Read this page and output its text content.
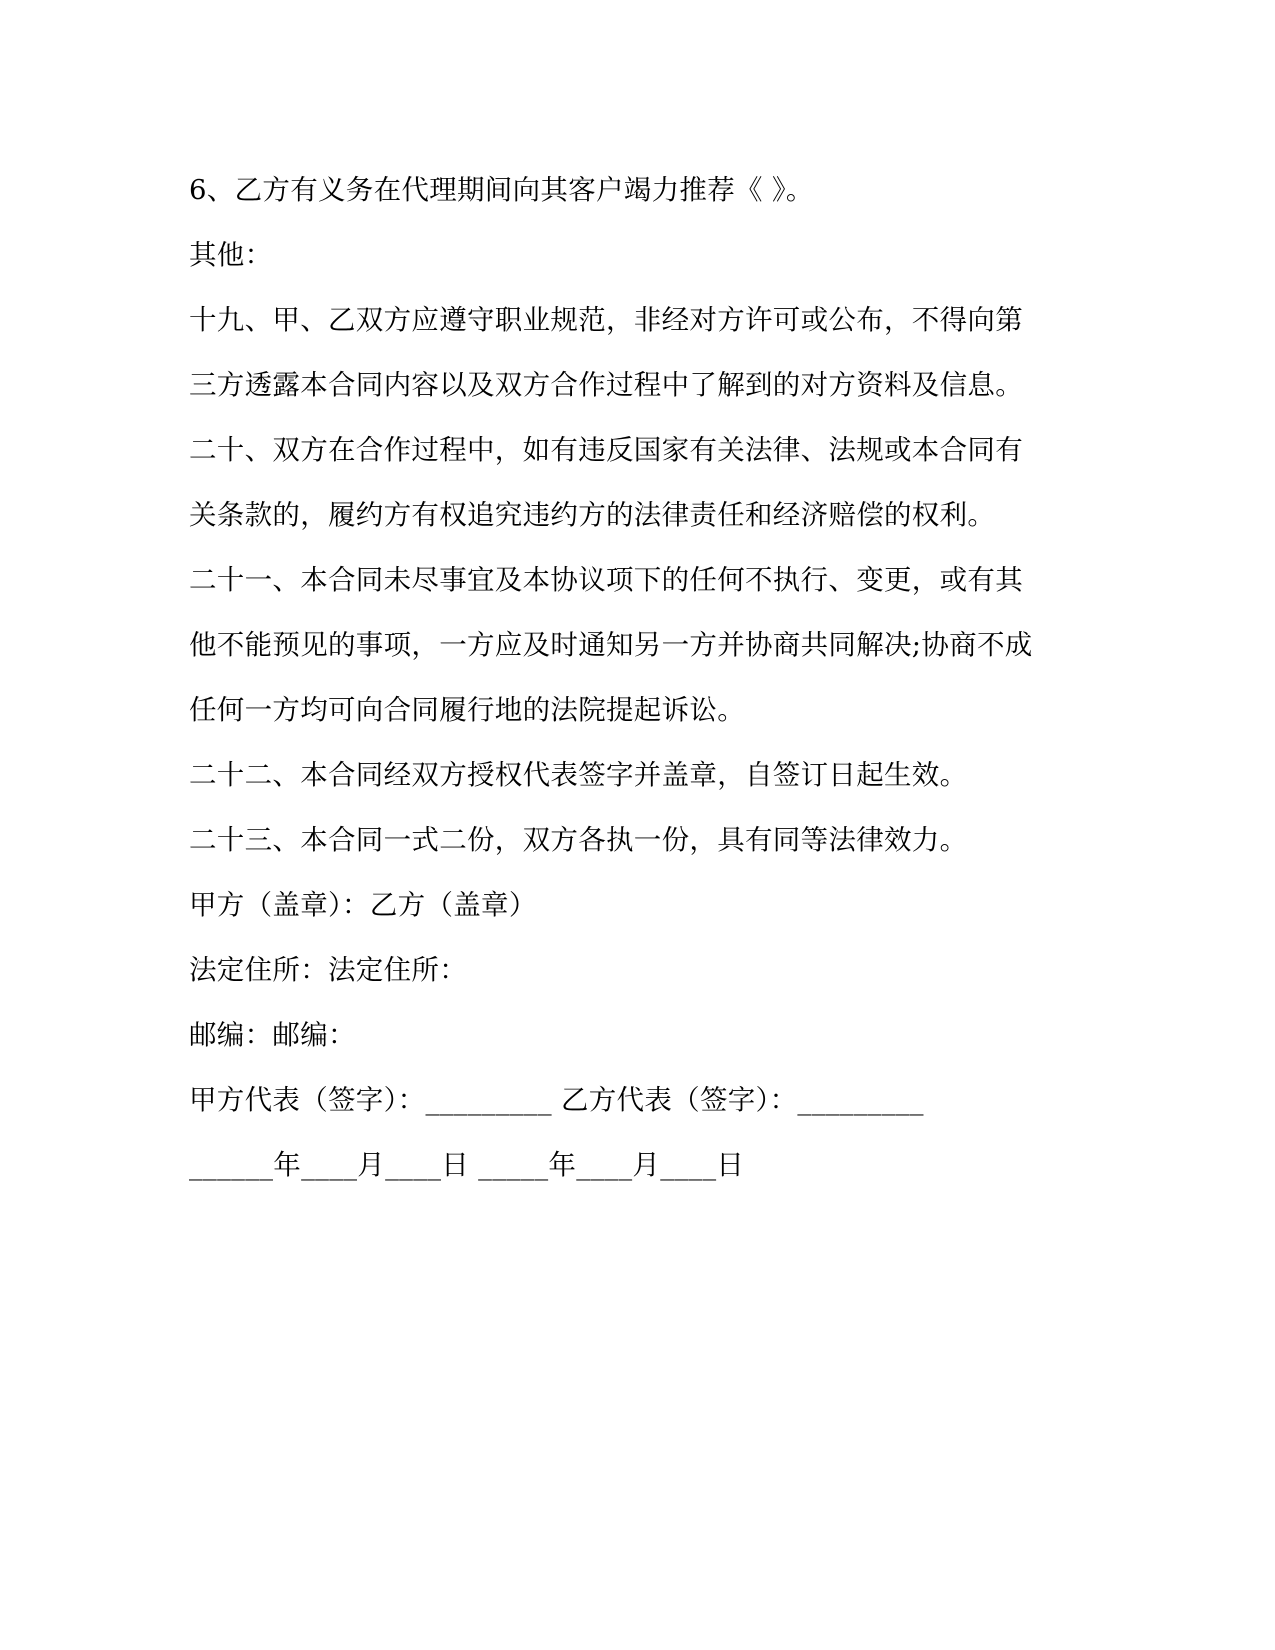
6、乙方有义务在代理期间向其客户竭力推荐《 》。
其他：
十九、甲、乙双方应遵守职业规范，非经对方许可或公布，不得向第
三方透露本合同内容以及双方合作过程中了解到的对方资料及信息。
二十、双方在合作过程中，如有违反国家有关法律、法规或本合同有
关条款的，履约方有权追究违约方的法律责任和经济赔偿的权利。
二十一、本合同未尽事宜及本协议项下的任何不执行、变更，或有其
他不能预见的事项，一方应及时通知另一方并协商共同解决;协商不成
任何一方均可向合同履行地的法院提起诉讼。
二十二、本合同经双方授权代表签字并盖章，自签订日起生效。
二十三、本合同一式二份，双方各执一份，具有同等法律效力。
甲方（盖章）：乙方（盖章）
法定住所：法定住所：
邮编：邮编：
甲方代表（签字）：_________ 乙方代表（签字）：_________
______年____月____日 _____年____月____日
